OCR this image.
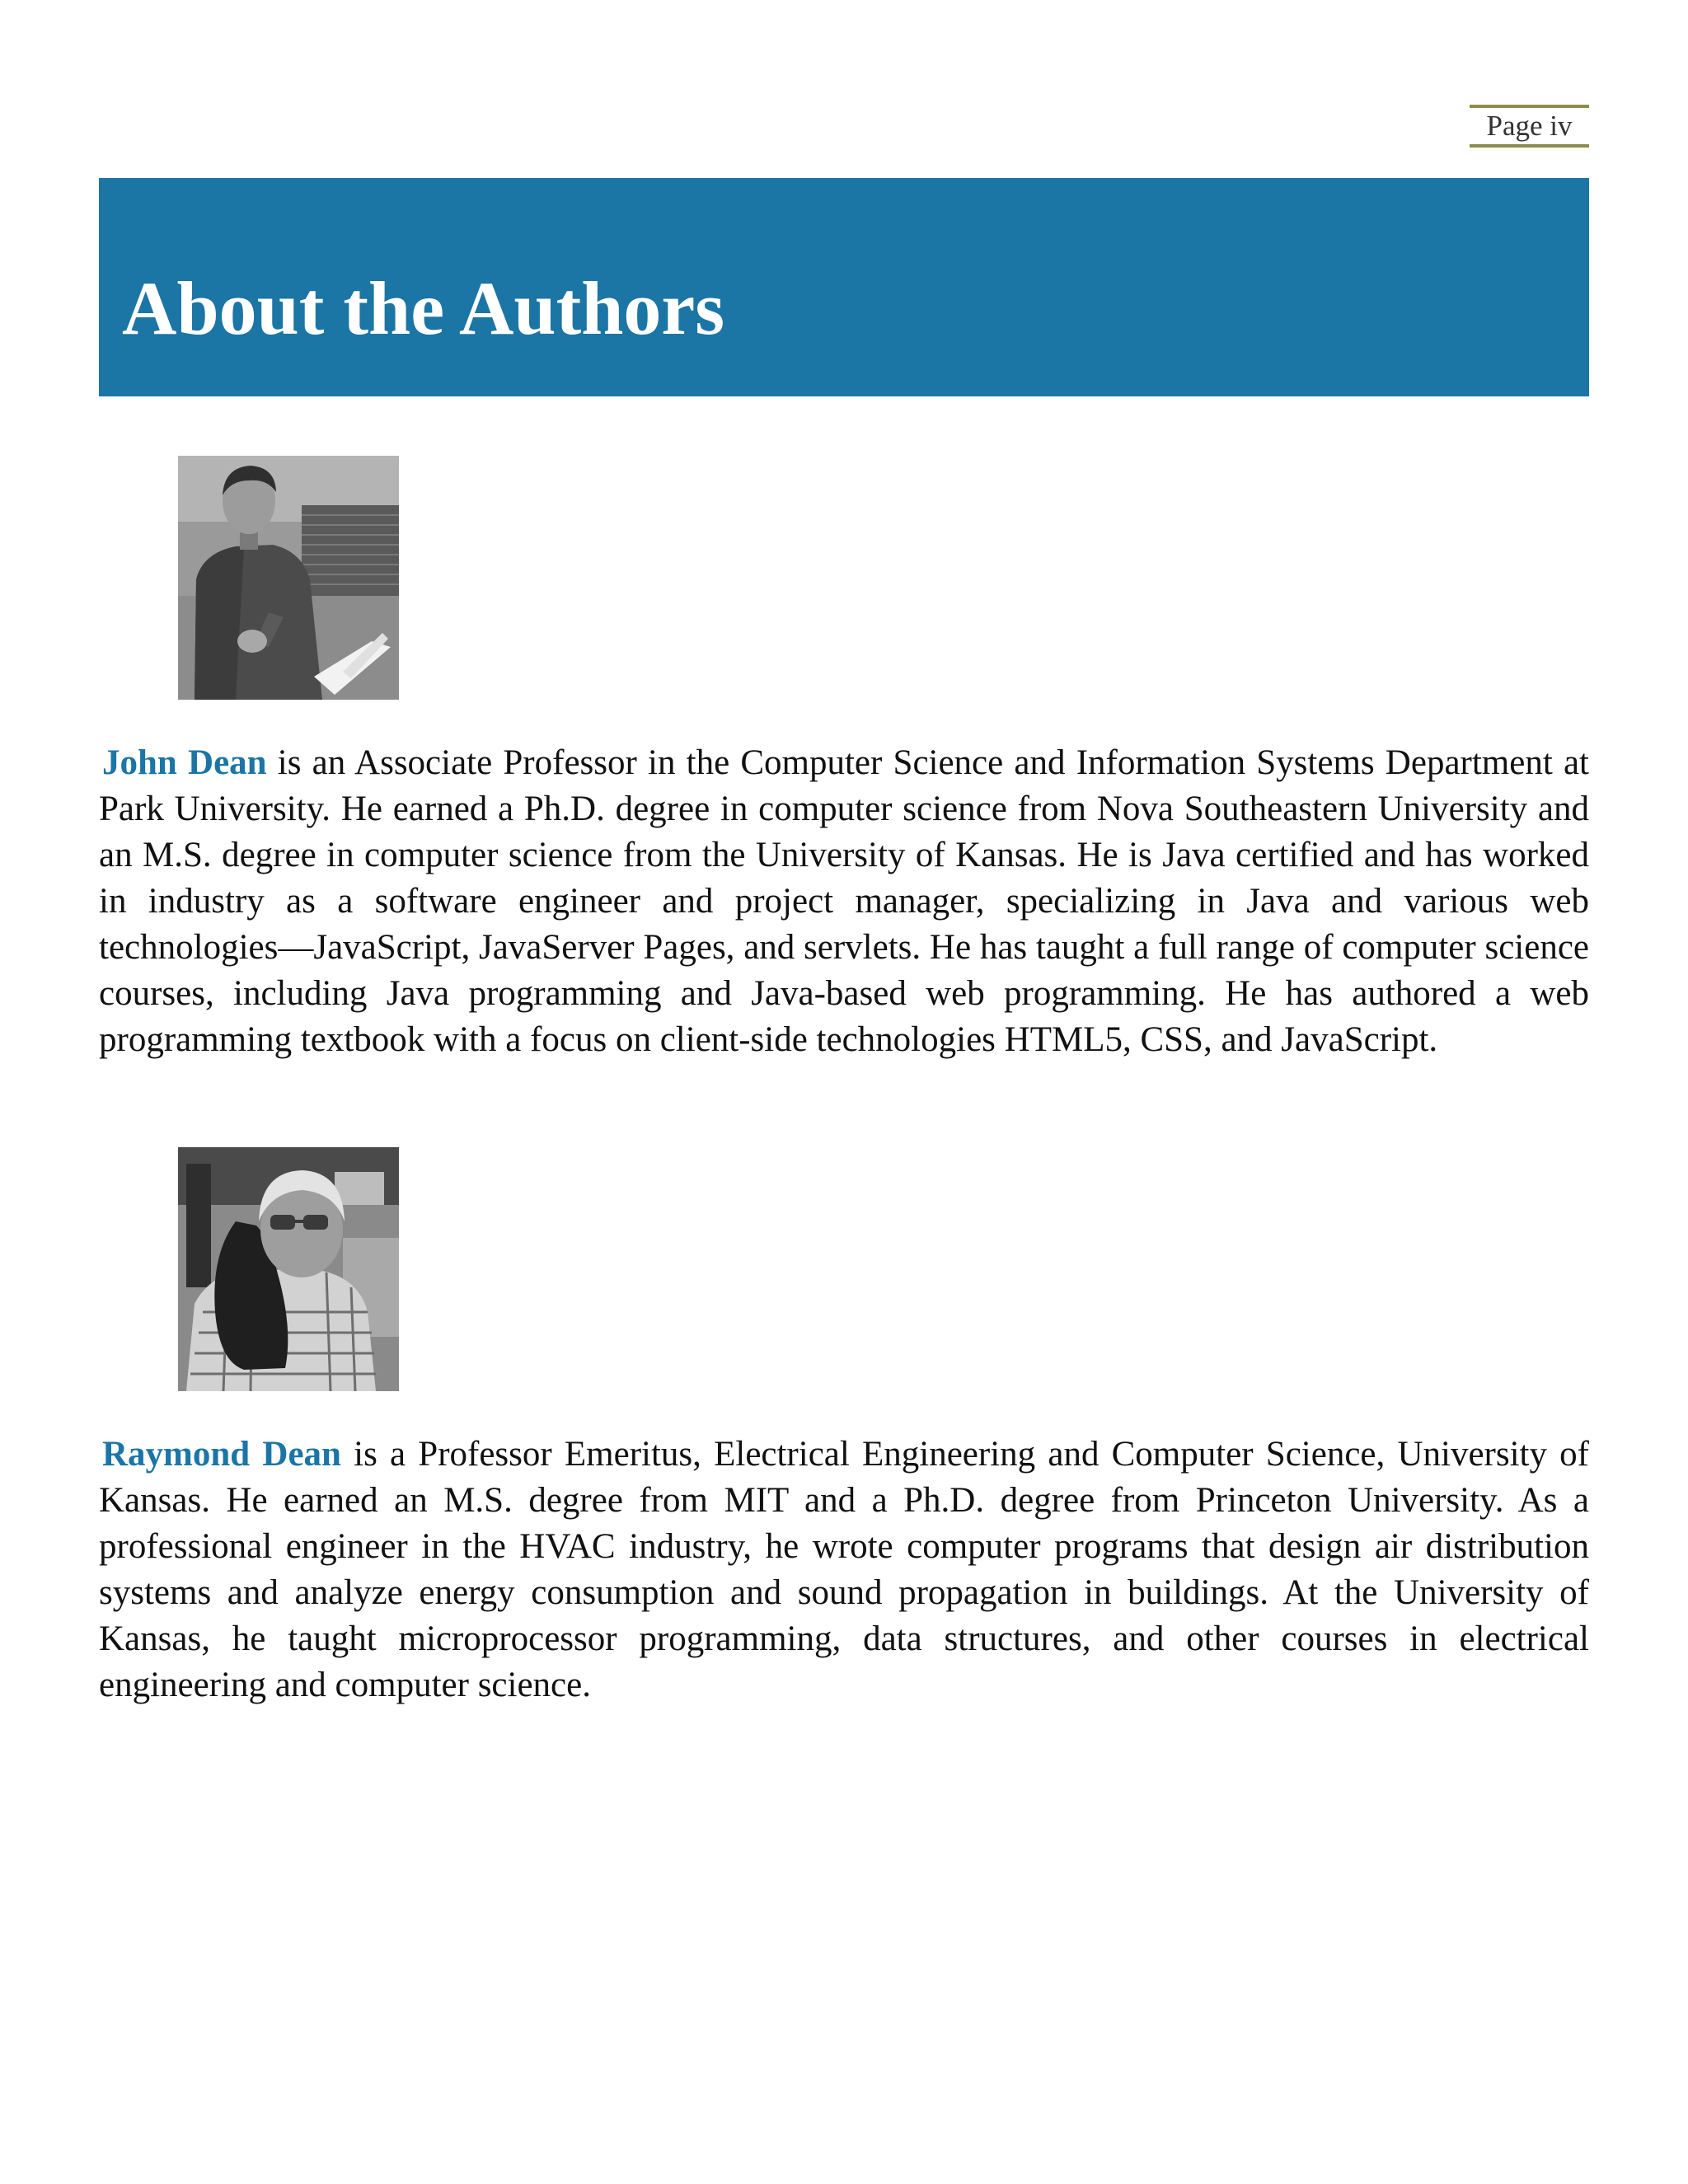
Page iv
About the Authors

John Dean is an Associate Professor in the Computer Science and Information Systems Department at Park University. He earned a Ph.D. degree in computer science from Nova Southeastern University and an M.S. degree in computer science from the University of Kansas. He is Java certified and has worked in industry as a software engineer and project manager, specializing in Java and various web technologies—JavaScript, JavaServer Pages, and servlets. He has taught a full range of computer science courses, including Java programming and Java-based web programming. He has authored a web programming textbook with a focus on client-side technologies HTML5, CSS, and JavaScript.

Raymond Dean is a Professor Emeritus, Electrical Engineering and Computer Science, University of Kansas. He earned an M.S. degree from MIT and a Ph.D. degree from Princeton University. As a professional engineer in the HVAC industry, he wrote computer programs that design air distribution systems and analyze energy consumption and sound propagation in buildings. At the University of Kansas, he taught microprocessor programming, data structures, and other courses in electrical engineering and computer science.
